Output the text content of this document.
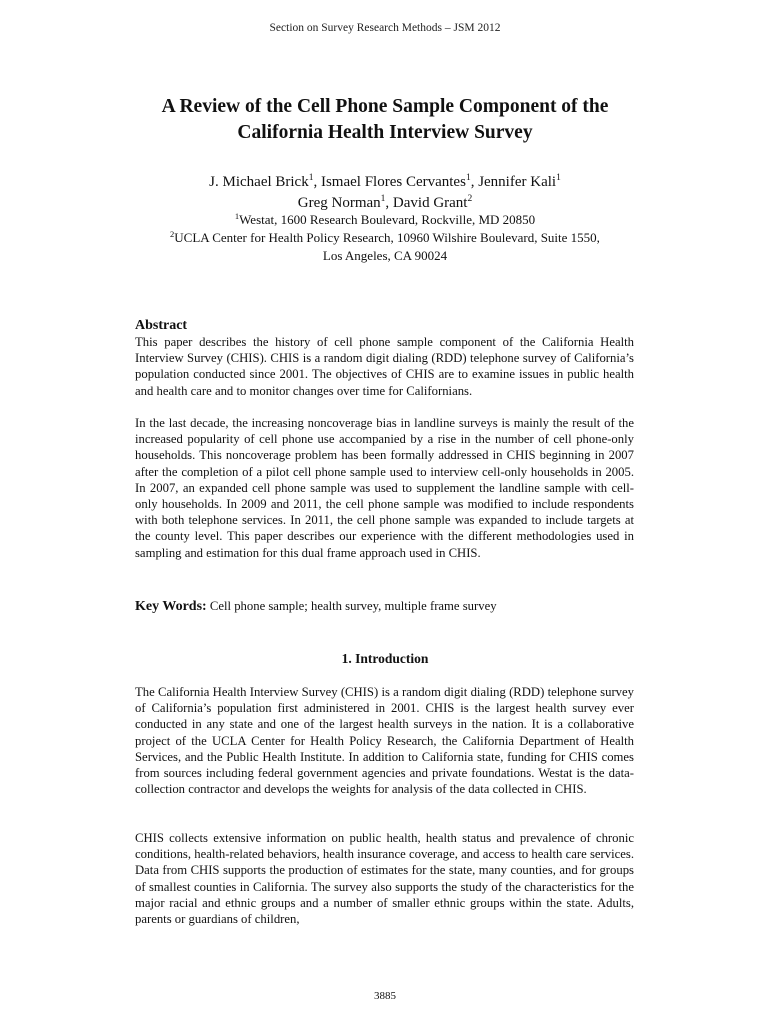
Section on Survey Research Methods – JSM 2012
A Review of the Cell Phone Sample Component of the
California Health Interview Survey
J. Michael Brick$^1$, Ismael Flores Cervantes$^1$, Jennifer Kali$^1$
Greg Norman$^1$, David Grant$^2$
$^1$Westat, 1600 Research Boulevard, Rockville, MD 20850
$^2$UCLA Center for Health Policy Research, 10960 Wilshire Boulevard, Suite 1550,
Los Angeles, CA 90024
Abstract
This paper describes the history of cell phone sample component of the California Health Interview Survey (CHIS). CHIS is a random digit dialing (RDD) telephone survey of California’s population conducted since 2001. The objectives of CHIS are to examine issues in public health and health care and to monitor changes over time for Californians.
In the last decade, the increasing noncoverage bias in landline surveys is mainly the result of the increased popularity of cell phone use accompanied by a rise in the number of cell phone-only households. This noncoverage problem has been formally addressed in CHIS beginning in 2007 after the completion of a pilot cell phone sample used to interview cell-only households in 2005. In 2007, an expanded cell phone sample was used to supplement the landline sample with cell-only households. In 2009 and 2011, the cell phone sample was modified to include respondents with both telephone services. In 2011, the cell phone sample was expanded to include targets at the county level. This paper describes our experience with the different methodologies used in sampling and estimation for this dual frame approach used in CHIS.
Key Words: Cell phone sample; health survey, multiple frame survey
1. Introduction
The California Health Interview Survey (CHIS) is a random digit dialing (RDD) telephone survey of California’s population first administered in 2001. CHIS is the largest health survey ever conducted in any state and one of the largest health surveys in the nation. It is a collaborative project of the UCLA Center for Health Policy Research, the California Department of Health Services, and the Public Health Institute. In addition to California state, funding for CHIS comes from sources including federal government agencies and private foundations. Westat is the data-collection contractor and develops the weights for analysis of the data collected in CHIS.
CHIS collects extensive information on public health, health status and prevalence of chronic conditions, health-related behaviors, health insurance coverage, and access to health care services. Data from CHIS supports the production of estimates for the state, many counties, and for groups of smallest counties in California. The survey also supports the study of the characteristics for the major racial and ethnic groups and a number of smaller ethnic groups within the state. Adults, parents or guardians of children,
3885
